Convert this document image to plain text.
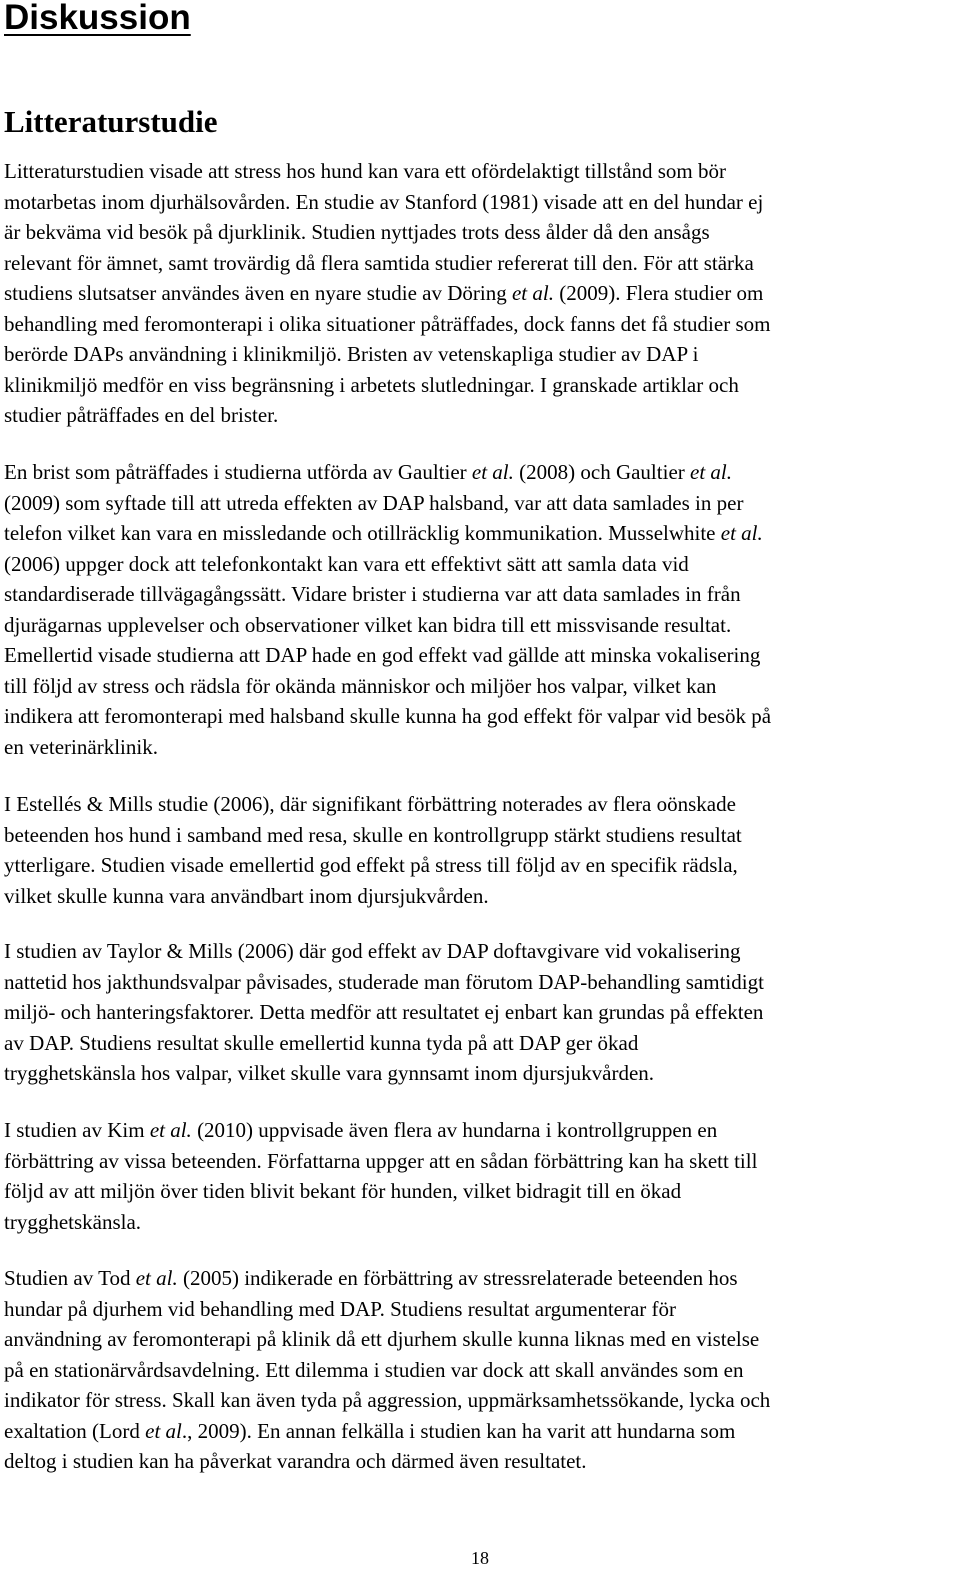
Diskussion
Litteraturstudie

Litteraturstudien visade att stress hos hund kan vara ett ofördelaktigt tillstånd som bör
motarbetas inom djurhälsovården. En studie av Stanford (1981) visade att en del hundar ej
är bekväma vid besök på djurklinik. Studien nyttjades trots dess ålder då den ansågs
relevant för ämnet, samt trovärdig då flera samtida studier refererat till den. För att stärka
studiens slutsatser användes även en nyare studie av Döring et al. (2009). Flera studier om
behandling med feromonterapi i olika situationer påträffades, dock fanns det få studier som
berörde DAPs användning i klinikmiljö. Bristen av vetenskapliga studier av DAP i
klinikmiljö medför en viss begränsning i arbetets slutledningar. I granskade artiklar och
studier påträffades en del brister.

En brist som påträffades i studierna utförda av Gaultier et al. (2008) och Gaultier et al.
(2009) som syftade till att utreda effekten av DAP halsband, var att data samlades in per
telefon vilket kan vara en missledande och otillräcklig kommunikation. Musselwhite et al.
(2006) uppger dock att telefonkontakt kan vara ett effektivt sätt att samla data vid
standardiserade tillvägagångssätt. Vidare brister i studierna var att data samlades in från
djurägarnas upplevelser och observationer vilket kan bidra till ett missvisande resultat.
Emellertid visade studierna att DAP hade en god effekt vad gällde att minska vokalisering
till följd av stress och rädsla för okända människor och miljöer hos valpar, vilket kan
indikera att feromonterapi med halsband skulle kunna ha god effekt för valpar vid besök på
en veterinärklinik.

I Estellés & Mills studie (2006), där signifikant förbättring noterades av flera oönskade
beteenden hos hund i samband med resa, skulle en kontrollgrupp stärkt studiens resultat
ytterligare. Studien visade emellertid god effekt på stress till följd av en specifik rädsla,
vilket skulle kunna vara användbart inom djursjukvården.

I studien av Taylor & Mills (2006) där god effekt av DAP doftavgivare vid vokalisering
nattetid hos jakthundsvalpar påvisades, studerade man förutom DAP-behandling samtidigt
miljö- och hanteringsfaktorer. Detta medför att resultatet ej enbart kan grundas på effekten
av DAP. Studiens resultat skulle emellertid kunna tyda på att DAP ger ökad
trygghetskänsla hos valpar, vilket skulle vara gynnsamt inom djursjukvården.

I studien av Kim et al. (2010) uppvisade även flera av hundarna i kontrollgruppen en
förbättring av vissa beteenden. Författarna uppger att en sådan förbättring kan ha skett till
följd av att miljön över tiden blivit bekant för hunden, vilket bidragit till en ökad
trygghetskänsla.

Studien av Tod et al. (2005) indikerade en förbättring av stressrelaterade beteenden hos
hundar på djurhem vid behandling med DAP. Studiens resultat argumenterar för
användning av feromonterapi på klinik då ett djurhem skulle kunna liknas med en vistelse
på en stationärvårdsavdelning. Ett dilemma i studien var dock att skall användes som en
indikator för stress. Skall kan även tyda på aggression, uppmärksamhetssökande, lycka och
exaltation (Lord et al., 2009). En annan felkälla i studien kan ha varit att hundarna som
deltog i studien kan ha påverkat varandra och därmed även resultatet.

18
